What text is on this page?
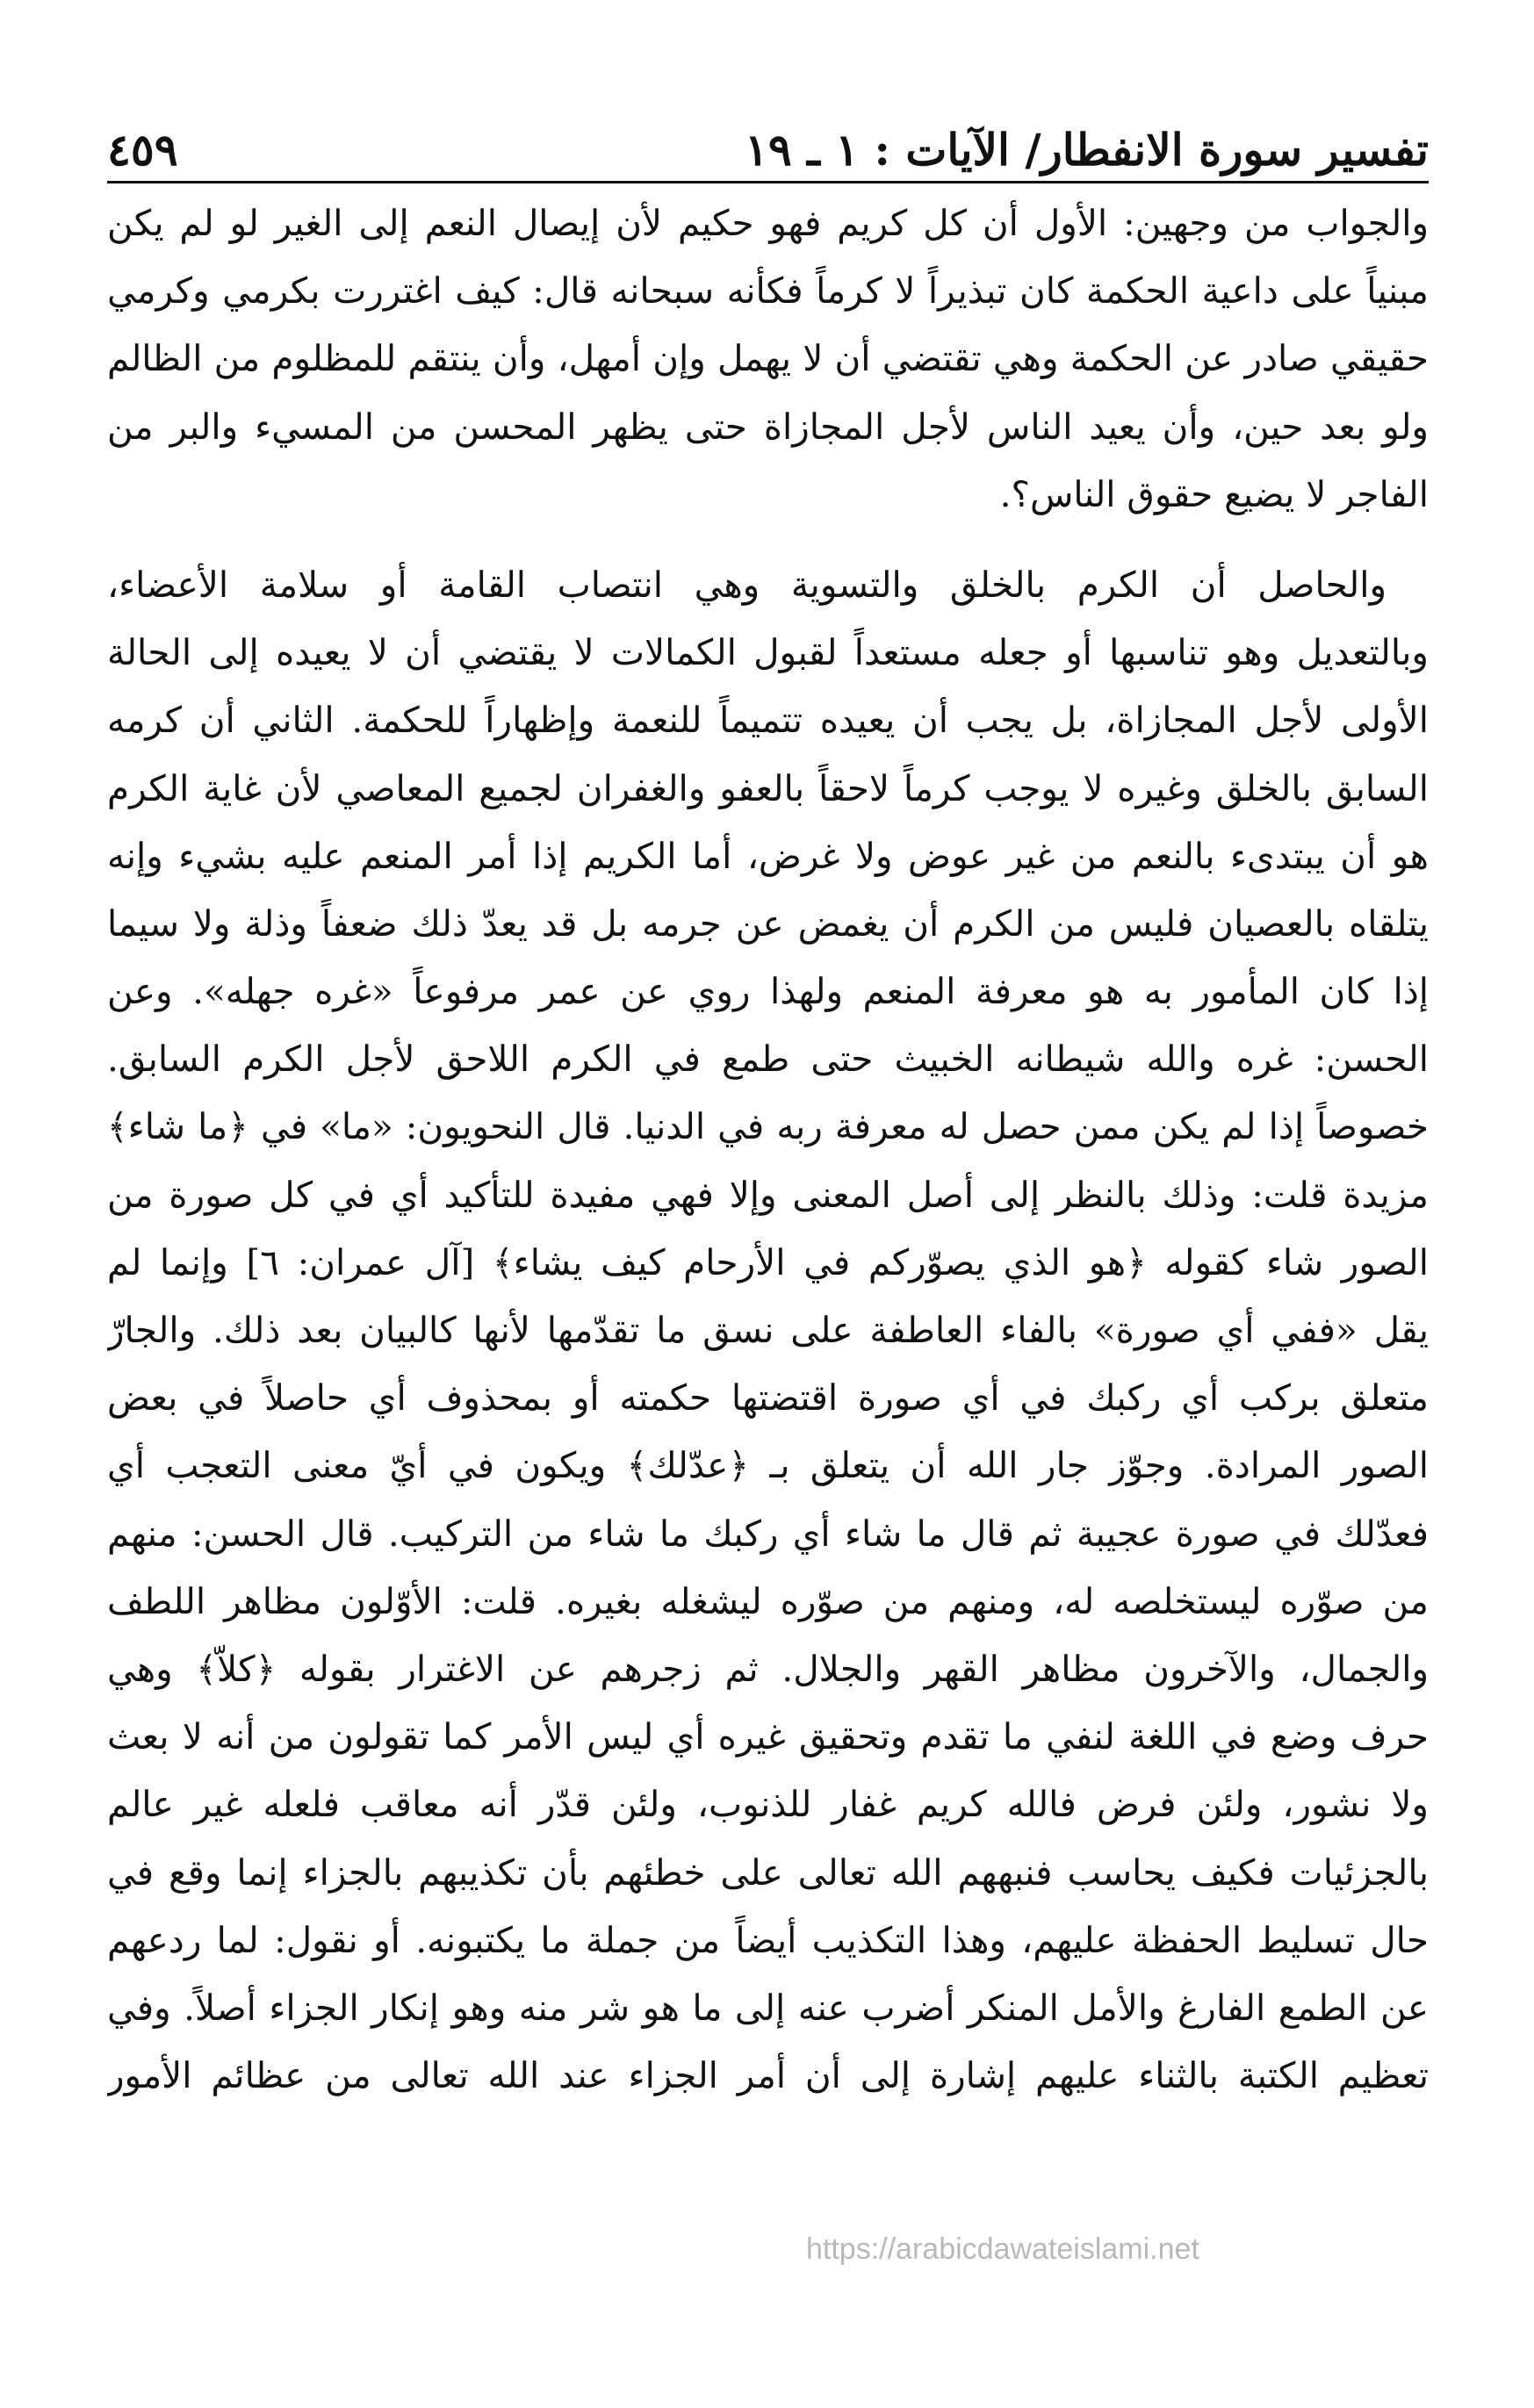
تفسير سورة الانفطار/ الآيات : ١ ـ ١٩
٤٥٩
والجواب من وجهين: الأول أن كل كريم فهو حكيم لأن إيصال النعم إلى الغير لو لم يكن
مبنياً على داعية الحكمة كان تبذيراً لا كرماً فكأنه سبحانه قال: كيف اغتررت بكرمي وكرمي
حقيقي صادر عن الحكمة وهي تقتضي أن لا يهمل وإن أمهل، وأن ينتقم للمظلوم من الظالم
ولو بعد حين، وأن يعيد الناس لأجل المجازاة حتى يظهر المحسن من المسيء والبر من
الفاجر لا يضيع حقوق الناس؟.
والحاصل أن الكرم بالخلق والتسوية وهي انتصاب القامة أو سلامة الأعضاء،
وبالتعديل وهو تناسبها أو جعله مستعداً لقبول الكمالات لا يقتضي أن لا يعيده إلى الحالة
الأولى لأجل المجازاة، بل يجب أن يعيده تتميماً للنعمة وإظهاراً للحكمة. الثاني أن كرمه
السابق بالخلق وغيره لا يوجب كرماً لاحقاً بالعفو والغفران لجميع المعاصي لأن غاية الكرم
هو أن يبتدىء بالنعم من غير عوض ولا غرض، أما الكريم إذا أمر المنعم عليه بشيء وإنه
يتلقاه بالعصيان فليس من الكرم أن يغمض عن جرمه بل قد يعدّ ذلك ضعفاً وذلة ولا سيما
إذا كان المأمور به هو معرفة المنعم ولهذا روي عن عمر مرفوعاً «غره جهله». وعن
الحسن: غره والله شيطانه الخبيث حتى طمع في الكرم اللاحق لأجل الكرم السابق.
خصوصاً إذا لم يكن ممن حصل له معرفة ربه في الدنيا. قال النحويون: «ما» في ﴿ما شاء﴾
مزيدة قلت: وذلك بالنظر إلى أصل المعنى وإلا فهي مفيدة للتأكيد أي في كل صورة من
الصور شاء كقوله ﴿هو الذي يصوّركم في الأرحام كيف يشاء﴾ [آل عمران: ٦] وإنما لم
يقل «ففي أي صورة» بالفاء العاطفة على نسق ما تقدّمها لأنها كالبيان بعد ذلك. والجارّ
متعلق بركب أي ركبك في أي صورة اقتضتها حكمته أو بمحذوف أي حاصلاً في بعض
الصور المرادة. وجوّز جار الله أن يتعلق بـ ﴿عدّلك﴾ ويكون في أيّ معنى التعجب أي
فعدّلك في صورة عجيبة ثم قال ما شاء أي ركبك ما شاء من التركيب. قال الحسن: منهم
من صوّره ليستخلصه له، ومنهم من صوّره ليشغله بغيره. قلت: الأوّلون مظاهر اللطف
والجمال، والآخرون مظاهر القهر والجلال. ثم زجرهم عن الاغترار بقوله ﴿كلاّ﴾ وهي
حرف وضع في اللغة لنفي ما تقدم وتحقيق غيره أي ليس الأمر كما تقولون من أنه لا بعث
ولا نشور، ولئن فرض فالله كريم غفار للذنوب، ولئن قدّر أنه معاقب فلعله غير عالم
بالجزئيات فكيف يحاسب فنبههم الله تعالى على خطئهم بأن تكذيبهم بالجزاء إنما وقع في
حال تسليط الحفظة عليهم، وهذا التكذيب أيضاً من جملة ما يكتبونه. أو نقول: لما ردعهم
عن الطمع الفارغ والأمل المنكر أضرب عنه إلى ما هو شر منه وهو إنكار الجزاء أصلاً. وفي
تعظيم الكتبة بالثناء عليهم إشارة إلى أن أمر الجزاء عند الله تعالى من عظائم الأمور
https://arabicdawateislami.net
